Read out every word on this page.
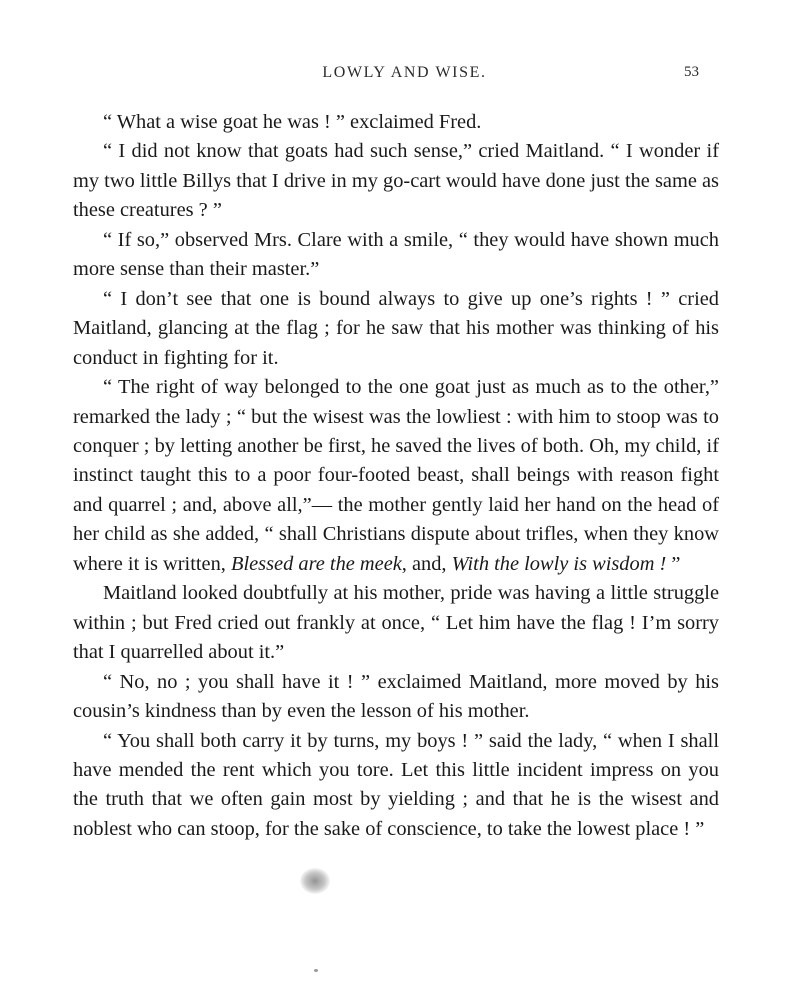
LOWLY AND WISE.	53

“ What a wise goat he was ! ” exclaimed Fred.

“ I did not know that goats had such sense,” cried Maitland. “ I wonder if my two little Billys that I drive in my go-cart would have done just the same as these creatures ? ”

“ If so,” observed Mrs. Clare with a smile, “ they would have shown much more sense than their master.”

“ I don’t see that one is bound always to give up one’s rights ! ” cried Maitland, glancing at the flag ; for he saw that his mother was thinking of his conduct in fighting for it.

“ The right of way belonged to the one goat just as much as to the other,” remarked the lady ; “ but the wisest was the lowliest : with him to stoop was to conquer ; by letting another be first, he saved the lives of both. Oh, my child, if instinct taught this to a poor four-footed beast, shall beings with reason fight and quarrel ; and, above all,”— the mother gently laid her hand on the head of her child as she added, “ shall Christians dispute about trifles, when they know where it is written, Blessed are the meek, and, With the lowly is wisdom ! ”

Maitland looked doubtfully at his mother, pride was having a little struggle within ; but Fred cried out frankly at once, “ Let him have the flag ! I’m sorry that I quarrelled about it.”

“ No, no ; you shall have it ! ” exclaimed Maitland, more moved by his cousin’s kindness than by even the lesson of his mother.

“ You shall both carry it by turns, my boys ! ” said the lady, “ when I shall have mended the rent which you tore. Let this little incident impress on you the truth that we often gain most by yielding ; and that he is the wisest and noblest who can stoop, for the sake of conscience, to take the lowest place ! ”
